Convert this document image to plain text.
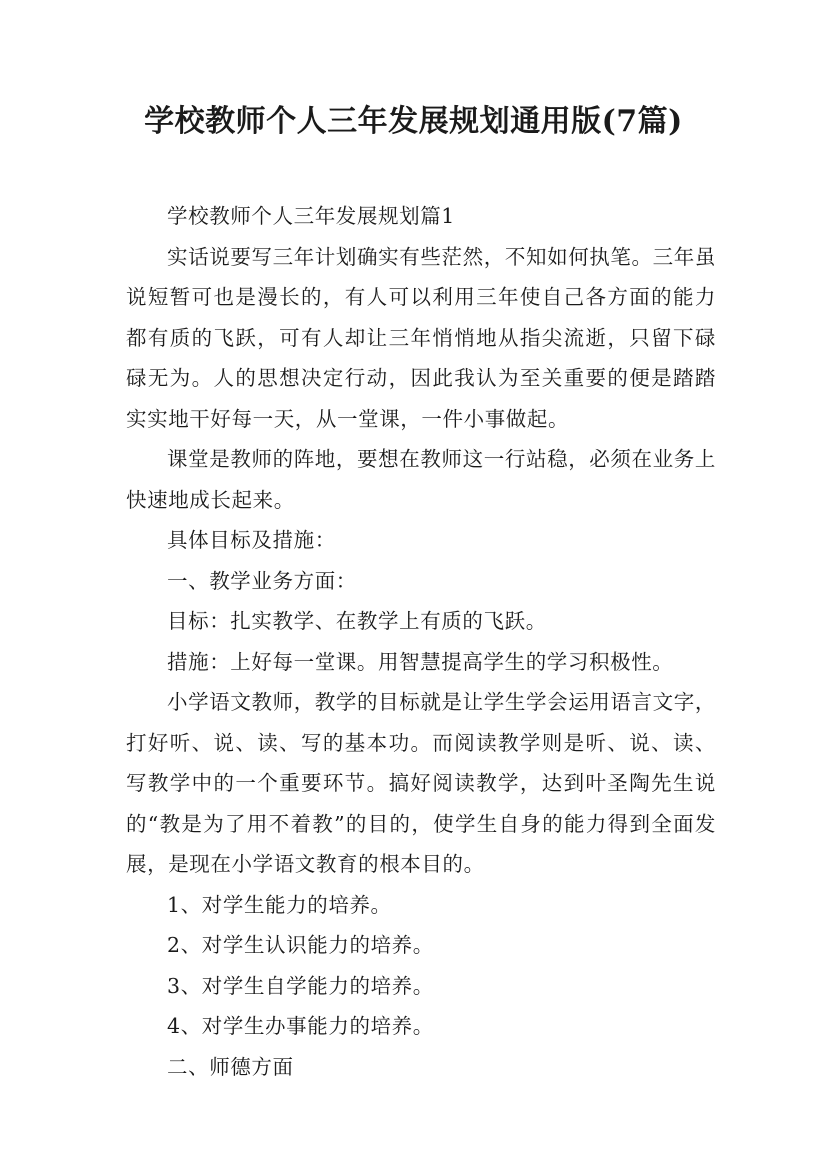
学校教师个人三年发展规划通用版(7篇)

学校教师个人三年发展规划篇1

实话说要写三年计划确实有些茫然，不知如何执笔。三年虽说短暂可也是漫长的，有人可以利用三年使自己各方面的能力都有质的飞跃，可有人却让三年悄悄地从指尖流逝，只留下碌碌无为。人的思想决定行动，因此我认为至关重要的便是踏踏实实地干好每一天，从一堂课，一件小事做起。

课堂是教师的阵地，要想在教师这一行站稳，必须在业务上快速地成长起来。

具体目标及措施：

一、教学业务方面：

目标：扎实教学、在教学上有质的飞跃。

措施：上好每一堂课。用智慧提高学生的学习积极性。

小学语文教师，教学的目标就是让学生学会运用语言文字，打好听、说、读、写的基本功。而阅读教学则是听、说、读、写教学中的一个重要环节。搞好阅读教学，达到叶圣陶先生说的“教是为了用不着教”的目的，使学生自身的能力得到全面发展，是现在小学语文教育的根本目的。

1、对学生能力的培养。

2、对学生认识能力的培养。

3、对学生自学能力的培养。

4、对学生办事能力的培养。

二、师德方面
